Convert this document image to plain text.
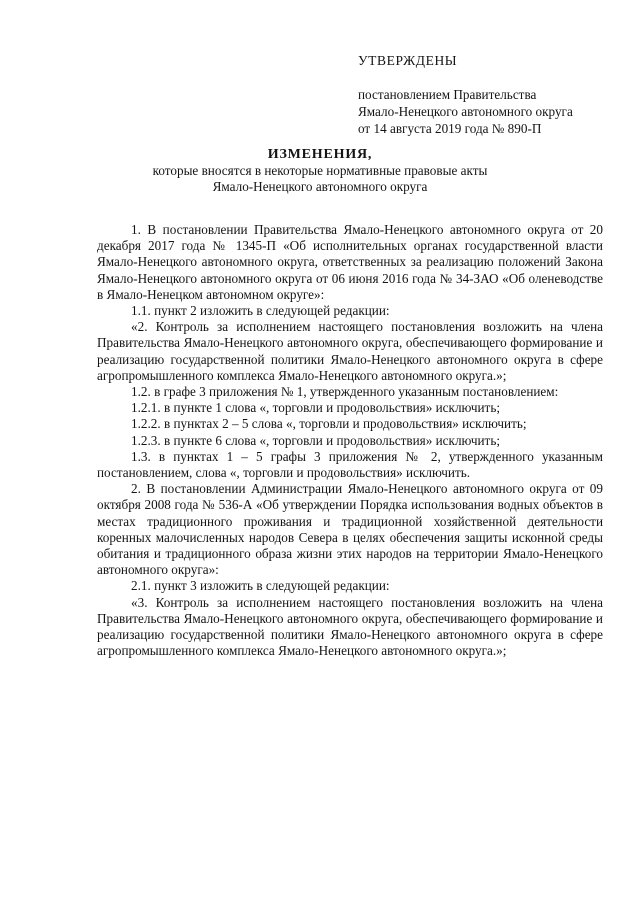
УТВЕРЖДЕНЫ
постановлением Правительства
Ямало-Ненецкого автономного округа
от 14 августа 2019 года № 890-П
ИЗМЕНЕНИЯ,
которые вносятся в некоторые нормативные правовые акты
Ямало-Ненецкого автономного округа

1. В постановлении Правительства Ямало-Ненецкого автономного округа от 20 декабря 2017 года № 1345-П «Об исполнительных органах государственной власти Ямало-Ненецкого автономного округа, ответственных за реализацию положений Закона Ямало-Ненецкого автономного округа от 06 июня 2016 года № 34-ЗАО «Об оленеводстве в Ямало-Ненецком автономном округе»:

1.1. пункт 2 изложить в следующей редакции:

«2. Контроль за исполнением настоящего постановления возложить на члена Правительства Ямало-Ненецкого автономного округа, обеспечивающего формирование и реализацию государственной политики Ямало-Ненецкого автономного округа в сфере агропромышленного комплекса Ямало-Ненецкого автономного округа.»;

1.2. в графе 3 приложения № 1, утвержденного указанным постановлением:

1.2.1. в пункте 1 слова «, торговли и продовольствия» исключить;

1.2.2. в пунктах 2 – 5 слова «, торговли и продовольствия» исключить;

1.2.3. в пункте 6 слова «, торговли и продовольствия» исключить;

1.3. в пунктах 1 – 5 графы 3 приложения № 2, утвержденного указанным постановлением, слова «, торговли и продовольствия» исключить.

2. В постановлении Администрации Ямало-Ненецкого автономного округа от 09 октября 2008 года № 536-А «Об утверждении Порядка использования водных объектов в местах традиционного проживания и традиционной хозяйственной деятельности коренных малочисленных народов Севера в целях обеспечения защиты исконной среды обитания и традиционного образа жизни этих народов на территории Ямало-Ненецкого автономного округа»:

2.1. пункт 3 изложить в следующей редакции:

«3. Контроль за исполнением настоящего постановления возложить на члена Правительства Ямало-Ненецкого автономного округа, обеспечивающего формирование и реализацию государственной политики Ямало-Ненецкого автономного округа в сфере агропромышленного комплекса Ямало-Ненецкого автономного округа.»;
